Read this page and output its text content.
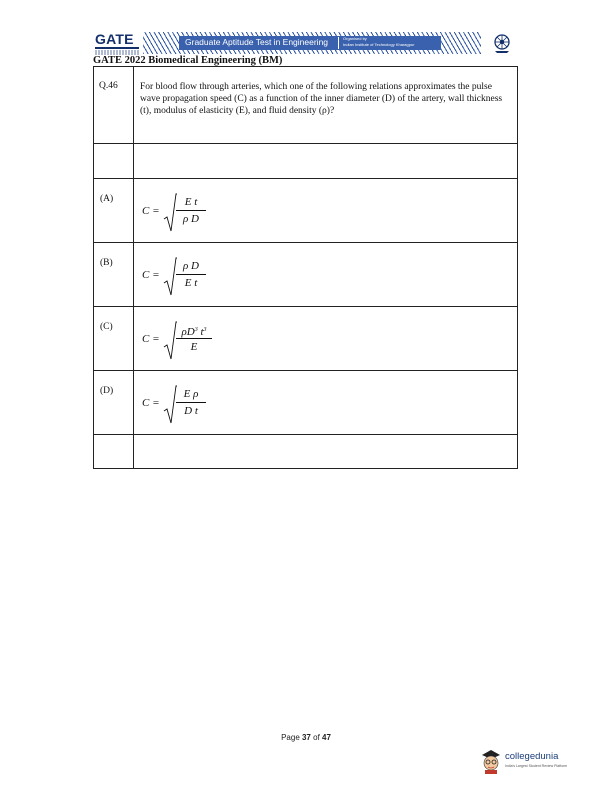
GATE	Graduate Aptitude Test in Engineering	Organised by
Indian Institute of Technology Kharagpur
GATE 2022 Biomedical Engineering (BM)
Q.46	For blood flow through arteries, which one of the following relations approximates the pulse wave propagation speed (C) as a function of the inner diameter (D) of the artery, wall thickness (t), modulus of elasticity (E), and fluid density (ρ)?

(A)	C =
E t
ρ D

(B)	C =
ρ D
E t

(C)	C =
$\rho D^3$ $t^3$
E

(D)	C =
E ρ
D t

Page 37 of 47
collegedunia
India's Largest Student Review Platform
